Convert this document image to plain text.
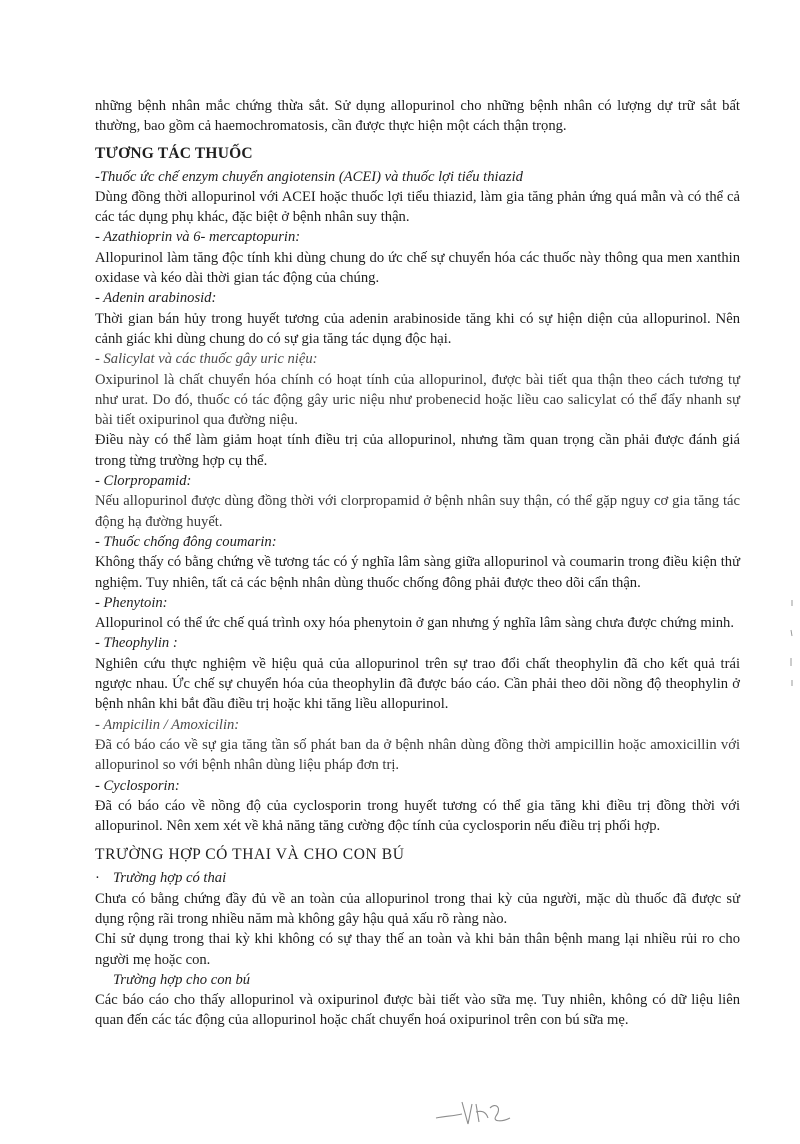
những bệnh nhân mắc chứng thừa sắt. Sử dụng allopurinol cho những bệnh nhân có lượng dự trữ sắt bất thường, bao gồm cả haemochromatosis, cần được thực hiện một cách thận trọng.

TƯƠNG TÁC THUỐC

-Thuốc ức chế enzym chuyển angiotensin (ACEI) và thuốc lợi tiểu thiazid

Dùng đồng thời allopurinol với ACEI hoặc thuốc lợi tiểu thiazid, làm gia tăng phản ứng quá mẫn và có thể cả các tác dụng phụ khác, đặc biệt ở bệnh nhân suy thận.

- Azathioprin và 6- mercaptopurin:

Allopurinol làm tăng độc tính khi dùng chung do ức chế sự chuyển hóa các thuốc này thông qua men xanthin oxidase và kéo dài thời gian tác động của chúng.

- Adenin arabinosid:

Thời gian bán hủy trong huyết tương của adenin arabinoside tăng khi có sự hiện diện của allopurinol. Nên cảnh giác khi dùng chung do có sự gia tăng tác dụng độc hại.

- Salicylat và các thuốc gây uric niệu:

Oxipurinol là chất chuyển hóa chính có hoạt tính của allopurinol, được bài tiết qua thận theo cách tương tự như urat. Do đó, thuốc có tác động gây uric niệu như probenecid hoặc liều cao salicylat có thể đẩy nhanh sự bài tiết oxipurinol qua đường niệu.

Điều này có thể làm giảm hoạt tính điều trị của allopurinol, nhưng tầm quan trọng cần phải được đánh giá trong từng trường hợp cụ thể.

- Clorpropamid:

Nếu allopurinol được dùng đồng thời với clorpropamid ở bệnh nhân suy thận, có thể gặp nguy cơ gia tăng tác động hạ đường huyết.

- Thuốc chống đông coumarin:

Không thấy có bằng chứng về tương tác có ý nghĩa lâm sàng giữa allopurinol và coumarin trong điều kiện thử nghiệm. Tuy nhiên, tất cả các bệnh nhân dùng thuốc chống đông phải được theo dõi cẩn thận.

- Phenytoin:

Allopurinol có thể ức chế quá trình oxy hóa phenytoin ở gan nhưng ý nghĩa lâm sàng chưa được chứng minh.

- Theophylin :

Nghiên cứu thực nghiệm về hiệu quả của allopurinol trên sự trao đổi chất theophylin đã cho kết quả trái ngược nhau. Ức chế sự chuyển hóa của theophylin đã được báo cáo. Cần phải theo dõi nồng độ theophylin ở bệnh nhân khi bắt đầu điều trị hoặc khi tăng liều allopurinol.

- Ampicilin / Amoxicilin:

Đã có báo cáo về sự gia tăng tần số phát ban da ở bệnh nhân dùng đồng thời ampicillin hoặc amoxicillin với allopurinol so với bệnh nhân dùng liệu pháp đơn trị.

- Cyclosporin:

Đã có báo cáo về nồng độ của cyclosporin trong huyết tương có thể gia tăng khi điều trị đồng thời với allopurinol. Nên xem xét về khả năng tăng cường độc tính của cyclosporin nếu điều trị phối hợp.

TRƯỜNG HỢP CÓ THAI VÀ CHO CON BÚ

· Trường hợp có thai

Chưa có bằng chứng đầy đủ về an toàn của allopurinol trong thai kỳ của người, mặc dù thuốc đã được sử dụng rộng rãi trong nhiều năm mà không gây hậu quả xấu rõ ràng nào.

Chỉ sử dụng trong thai kỳ khi không có sự thay thế an toàn và khi bản thân bệnh mang lại nhiều rủi ro cho người mẹ hoặc con.

Trường hợp cho con bú

Các báo cáo cho thấy allopurinol và oxipurinol được bài tiết vào sữa mẹ. Tuy nhiên, không có dữ liệu liên quan đến các tác động của allopurinol hoặc chất chuyển hoá oxipurinol trên con bú sữa mẹ.
